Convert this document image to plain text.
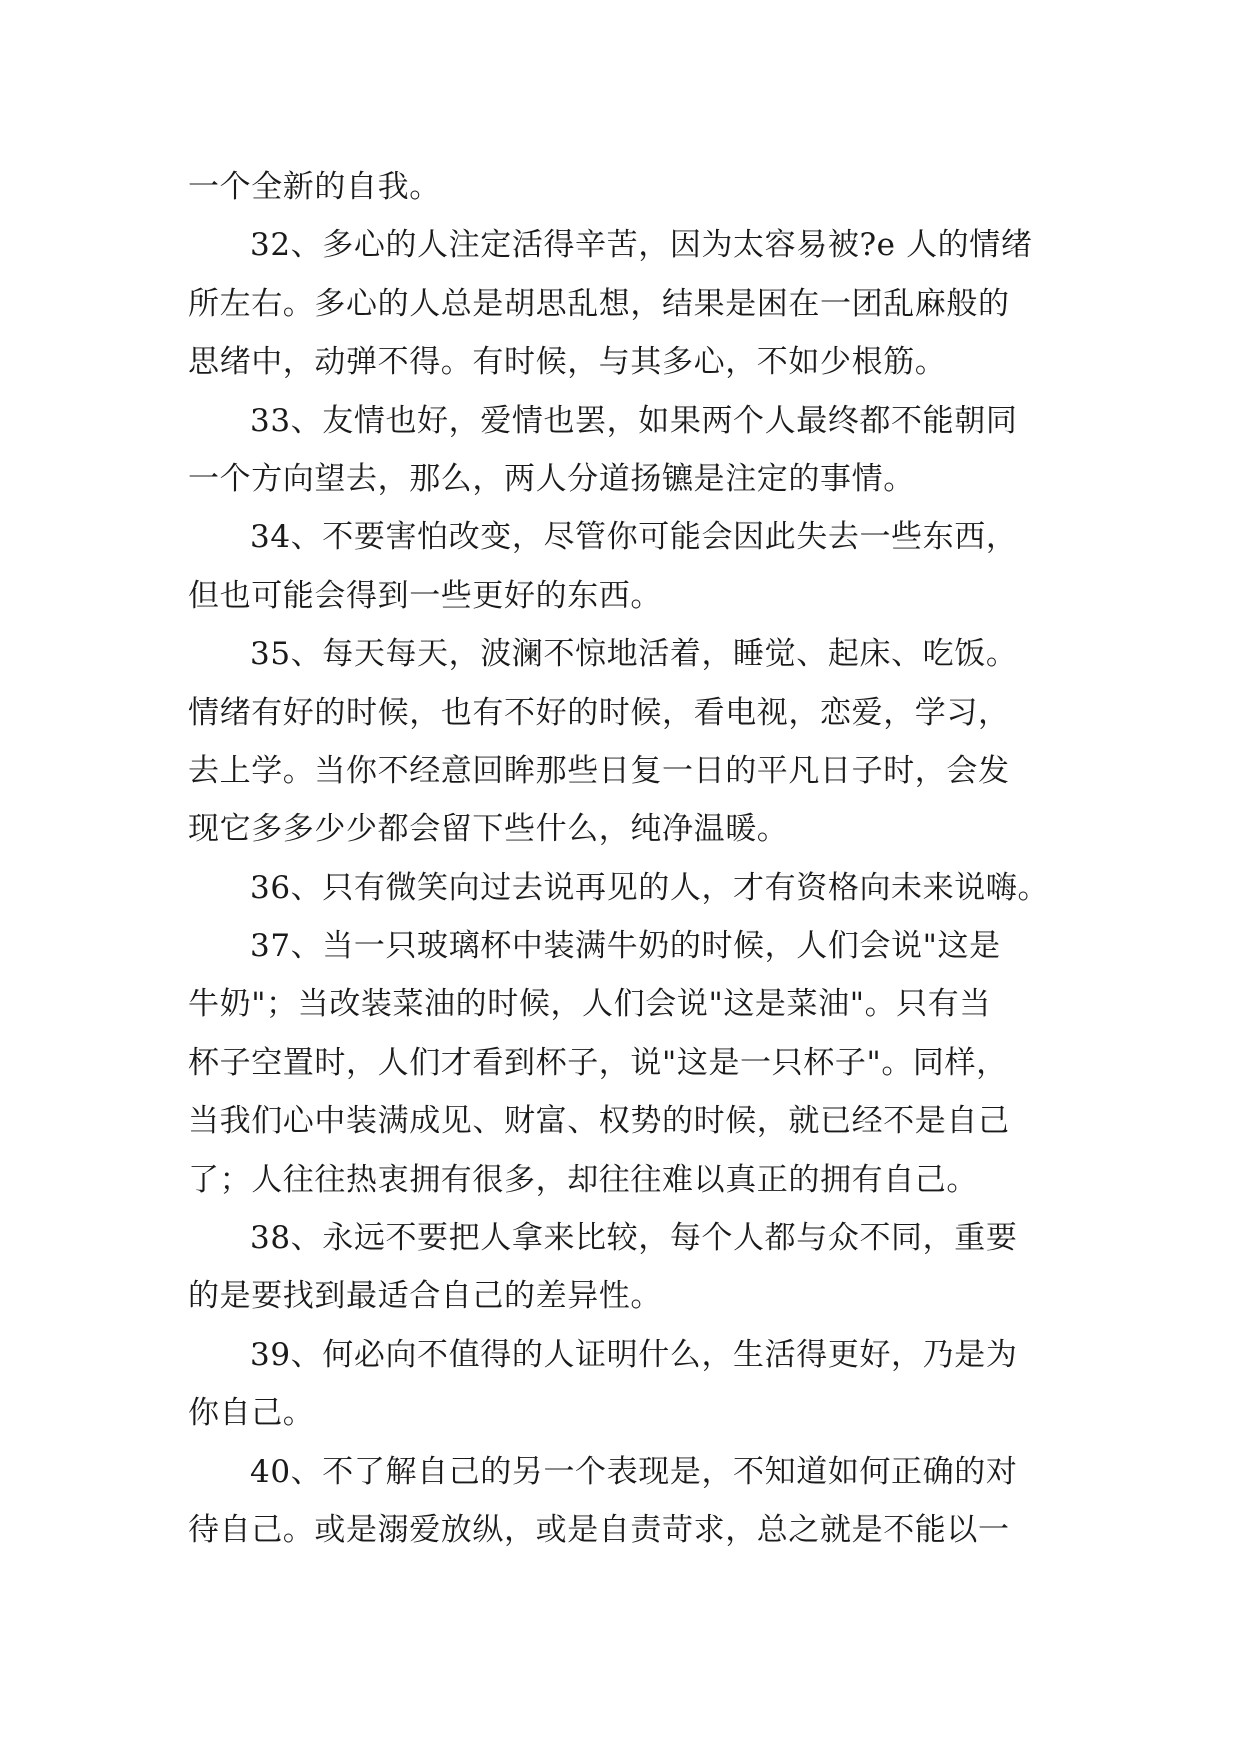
一个全新的自我。
32、多心的人注定活得辛苦，因为太容易被?e 人的情绪
所左右。多心的人总是胡思乱想，结果是困在一团乱麻般的
思绪中，动弹不得。有时候，与其多心，不如少根筋。
33、友情也好，爱情也罢，如果两个人最终都不能朝同
一个方向望去，那么，两人分道扬镳是注定的事情。
34、不要害怕改变，尽管你可能会因此失去一些东西，
但也可能会得到一些更好的东西。
35、每天每天，波澜不惊地活着，睡觉、起床、吃饭。
情绪有好的时候，也有不好的时候，看电视，恋爱，学习，
去上学。当你不经意回眸那些日复一日的平凡日子时，会发
现它多多少少都会留下些什么，纯净温暖。
36、只有微笑向过去说再见的人，才有资格向未来说嗨。
37、当一只玻璃杯中装满牛奶的时候，人们会说"这是
牛奶"；当改装菜油的时候，人们会说"这是菜油"。只有当
杯子空置时，人们才看到杯子，说"这是一只杯子"。同样，
当我们心中装满成见、财富、权势的时候，就已经不是自己
了；人往往热衷拥有很多，却往往难以真正的拥有自己。
38、永远不要把人拿来比较，每个人都与众不同，重要
的是要找到最适合自己的差异性。
39、何必向不值得的人证明什么，生活得更好，乃是为
你自己。
40、不了解自己的另一个表现是，不知道如何正确的对
待自己。或是溺爱放纵，或是自责苛求，总之就是不能以一
